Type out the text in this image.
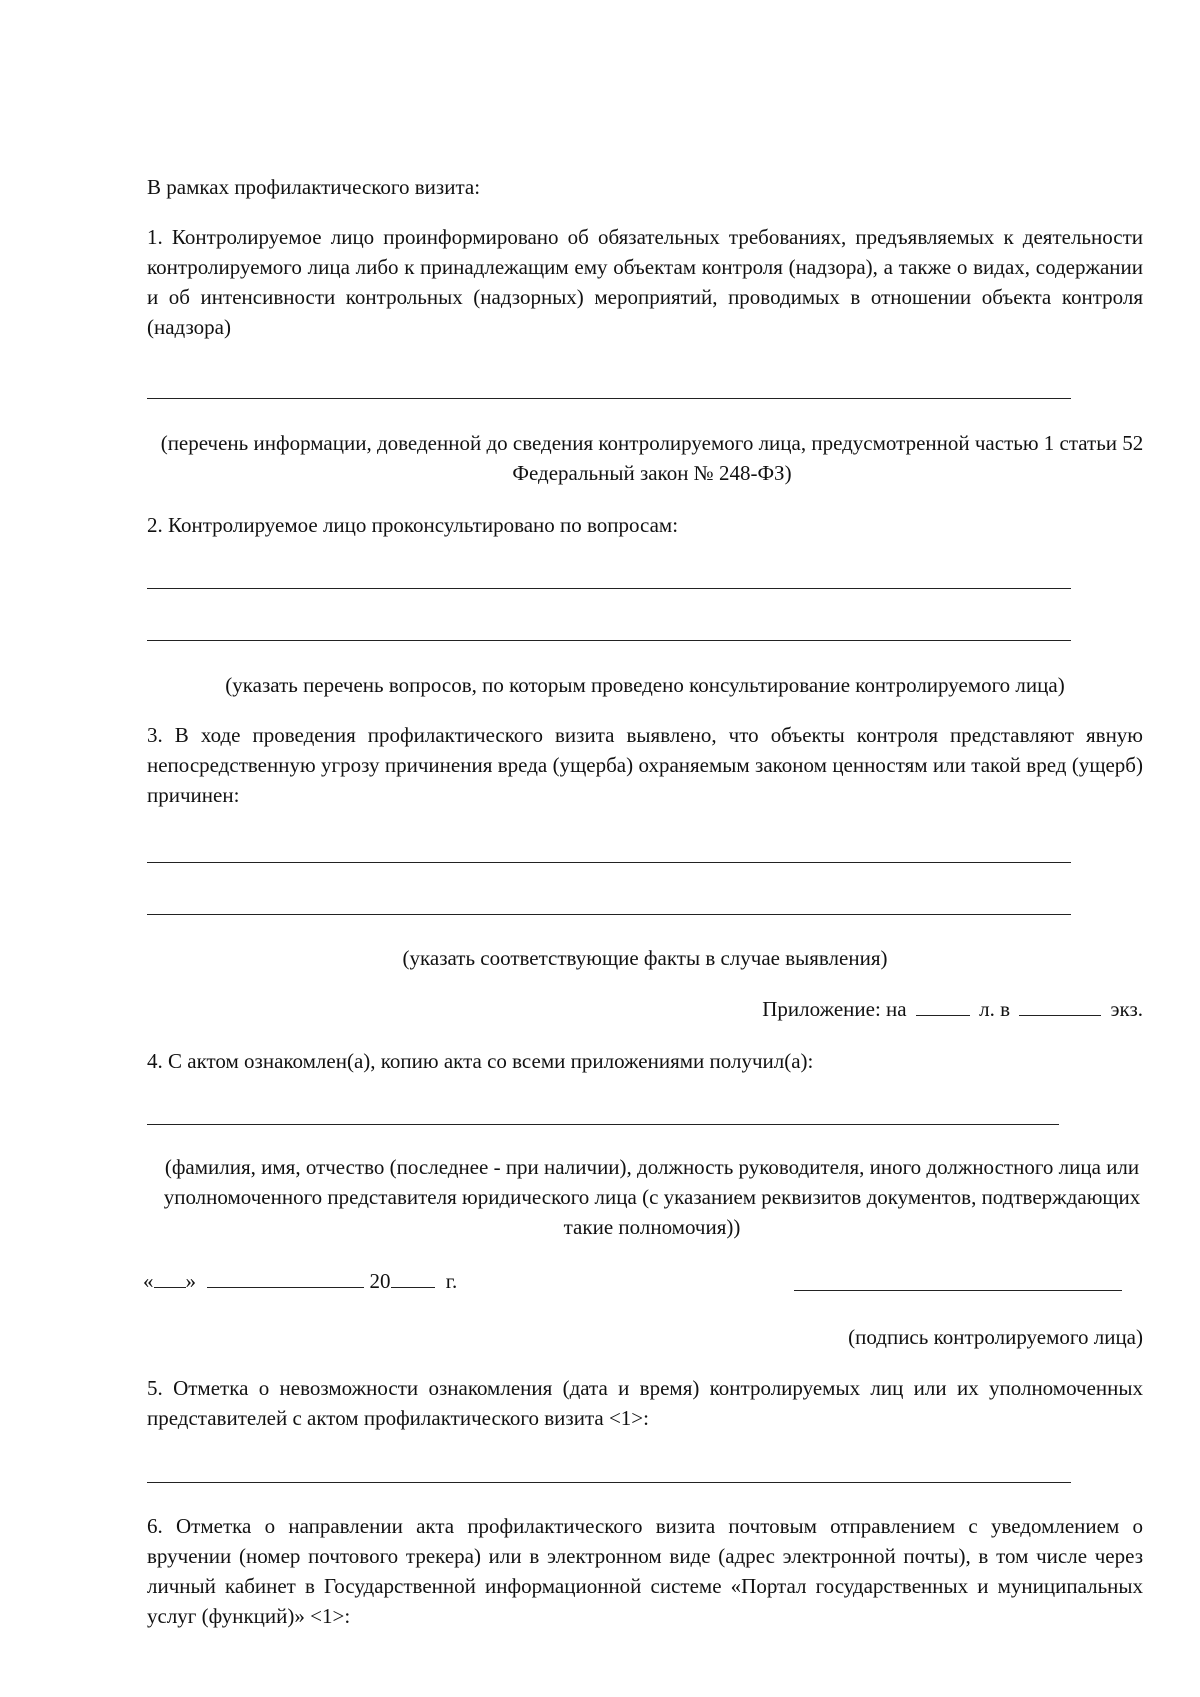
В рамках профилактического визита:

1. Контролируемое лицо проинформировано об обязательных требованиях, предъявляемых к деятельности контролируемого лица либо к принадлежащим ему объектам контроля (надзора), а также о видах, содержании и об интенсивности контрольных (надзорных) мероприятий, проводимых в отношении объекта контроля (надзора)

(перечень информации, доведенной до сведения контролируемого лица, предусмотренной частью 1 статьи 52 Федеральный закон № 248-ФЗ)

2. Контролируемое лицо проконсультировано по вопросам:

(указать перечень вопросов, по которым проведено консультирование контролируемого лица)

3. В ходе проведения профилактического визита выявлено, что объекты контроля представляют явную непосредственную угрозу причинения вреда (ущерба) охраняемым законом ценностям или такой вред (ущерб) причинен:

(указать соответствующие факты в случае выявления)

Приложение: на	л. в	экз.

4. С актом ознакомлен(а), копию акта со всеми приложениями получил(а):

(фамилия, имя, отчество (последнее - при наличии), должность руководителя, иного должностного лица или уполномоченного представителя юридического лица (с указанием реквизитов документов, подтверждающих такие полномочия))

« »	20	г.

(подпись контролируемого лица)

5. Отметка о невозможности ознакомления (дата и время) контролируемых лиц или их уполномоченных представителей с актом профилактического визита <1>:

6. Отметка о направлении акта профилактического визита почтовым отправлением с уведомлением о вручении (номер почтового трекера) или в электронном виде (адрес электронной почты), в том числе через личный кабинет в Государственной информационной системе «Портал государственных и муниципальных услуг (функций)» <1>:
